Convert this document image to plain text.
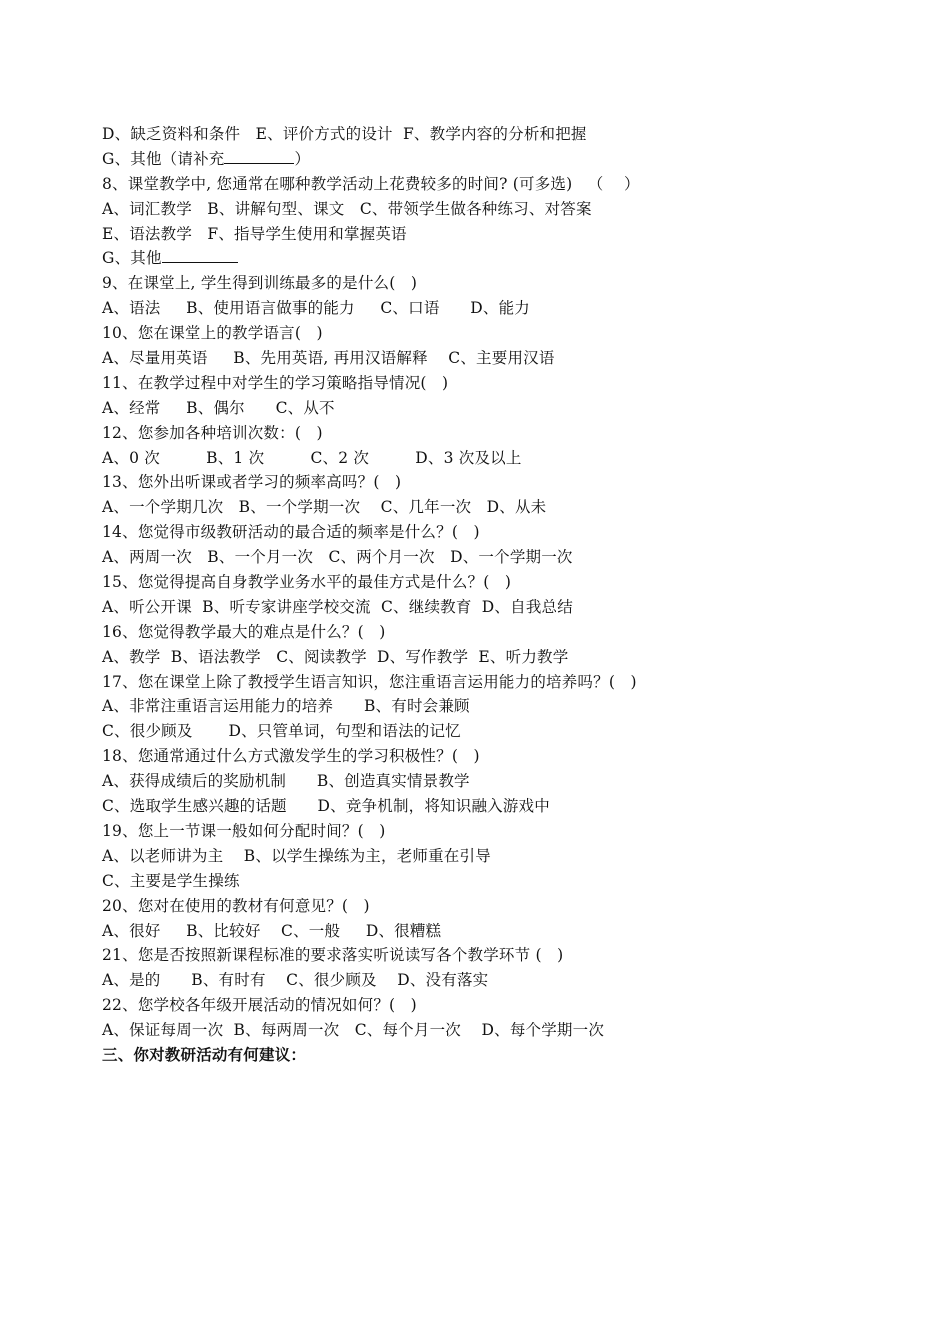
D、缺乏资料和条件   E、评价方式的设计  F、教学内容的分析和把握
G、其他（请补充	）
8、课堂教学中, 您通常在哪种教学活动上花费较多的时间? (可多选)   （    ）
A、词汇教学   B、讲解句型、课文   C、带领学生做各种练习、对答案
E、语法教学   F、指导学生使用和掌握英语
G、其他
9、在课堂上, 学生得到训练最多的是什么(   )
A、语法     B、使用语言做事的能力     C、口语      D、能力
10、您在课堂上的教学语言(   )
A、尽量用英语     B、先用英语, 再用汉语解释    C、主要用汉语
11、在教学过程中对学生的学习策略指导情况(   )
A、经常     B、偶尔      C、从不
12、您参加各种培训次数：(   )
A、0 次         B、1 次         C、2 次         D、3 次及以上
13、您外出听课或者学习的频率高吗？(   )
A、一个学期几次   B、一个学期一次    C、几年一次   D、从未
14、您觉得市级教研活动的最合适的频率是什么？(   )
A、两周一次   B、一个月一次   C、两个月一次   D、一个学期一次
15、您觉得提高自身教学业务水平的最佳方式是什么？(   )
A、听公开课  B、听专家讲座学校交流  C、继续教育  D、自我总结
16、您觉得教学最大的难点是什么？(   )
A、教学  B、语法教学   C、阅读教学  D、写作教学  E、听力教学
17、您在课堂上除了教授学生语言知识，您注重语言运用能力的培养吗？(   )
A、非常注重语言运用能力的培养      B、有时会兼顾
C、很少顾及       D、只管单词，句型和语法的记忆
18、您通常通过什么方式激发学生的学习积极性？(   )
A、获得成绩后的奖励机制      B、创造真实情景教学
C、选取学生感兴趣的话题      D、竞争机制，将知识融入游戏中
19、您上一节课一般如何分配时间？(   )
A、以老师讲为主    B、以学生操练为主，老师重在引导
C、主要是学生操练
20、您对在使用的教材有何意见？(   )
A、很好     B、比较好    C、一般     D、很糟糕
21、您是否按照新课程标准的要求落实听说读写各个教学环节 (   )
A、是的      B、有时有    C、很少顾及    D、没有落实
22、您学校各年级开展活动的情况如何？(   )
A、保证每周一次  B、每两周一次   C、每个月一次    D、每个学期一次
三、你对教研活动有何建议：
